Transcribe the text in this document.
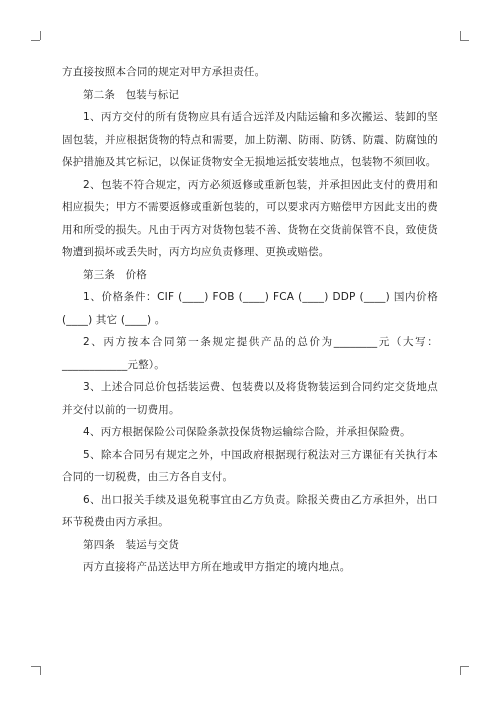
方直接按照本合同的规定对甲方承担责任。

第二条 包装与标记

1、丙方交付的所有货物应具有适合远洋及内陆运输和多次搬运、装卸的坚固包装，并应根据货物的特点和需要，加上防潮、防雨、防锈、防震、防腐蚀的保护措施及其它标记，以保证货物安全无损地运抵安装地点，包装物不须回收。

2、包装不符合规定，丙方必须返修或重新包装，并承担因此支付的费用和相应损失；甲方不需要返修或重新包装的，可以要求丙方赔偿甲方因此支出的费用和所受的损失。凡由于丙方对货物包装不善、货物在交货前保管不良，致使货物遭到损坏或丢失时，丙方均应负责修理、更换或赔偿。

第三条 价格

1、价格条件：CIF (____) FOB (____) FCA (____) DDP (____) 国内价格(____) 其它 (____) 。

2、丙方按本合同第一条规定提供产品的总价为________元（大写：____________元整）。

3、上述合同总价包括装运费、包装费以及将货物装运到合同约定交货地点并交付以前的一切费用。

4、丙方根据保险公司保险条款投保货物运输综合险，并承担保险费。

5、除本合同另有规定之外，中国政府根据现行税法对三方课征有关执行本合同的一切税费，由三方各自支付。

6、出口报关手续及退免税事宜由乙方负责。除报关费由乙方承担外，出口环节税费由丙方承担。

第四条 装运与交货

丙方直接将产品送达甲方所在地或甲方指定的境内地点。
